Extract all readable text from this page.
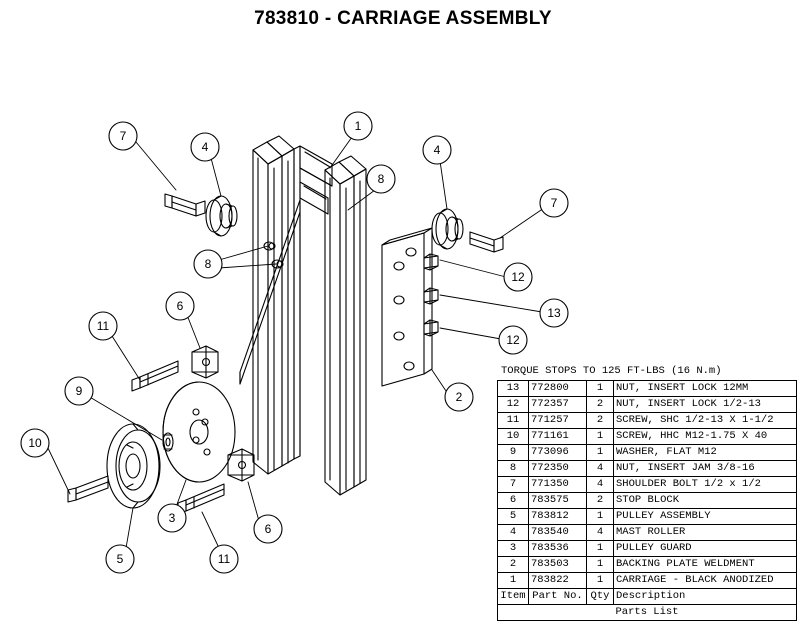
783810 - CARRIAGE ASSEMBLY
7
4
1
8
4
7
8
12
13
12
6
11
9	2
10
3
6
5	11
TORQUE STOPS TO 125 FT-LBS (16 N.m)
13	772800	1	NUT, INSERT LOCK 12MM
12	772357	2	NUT, INSERT LOCK 1/2-13
11	771257	2	SCREW, SHC 1/2-13 X 1-1/2
10	771161	1	SCREW, HHC M12-1.75 X 40
9	773096	1	WASHER, FLAT M12
8	772350	4	NUT, INSERT JAM 3/8-16
7	771350	4	SHOULDER BOLT 1/2 x 1/2
6	783575	2	STOP BLOCK
5	783812	1	PULLEY ASSEMBLY
4	783540	4	MAST ROLLER
3	783536	1	PULLEY GUARD
2	783503	1	BACKING PLATE WELDMENT
1	783822	1	CARRIAGE - BLACK ANODIZED
Item	Part No.	Qty	Description
Parts List			
